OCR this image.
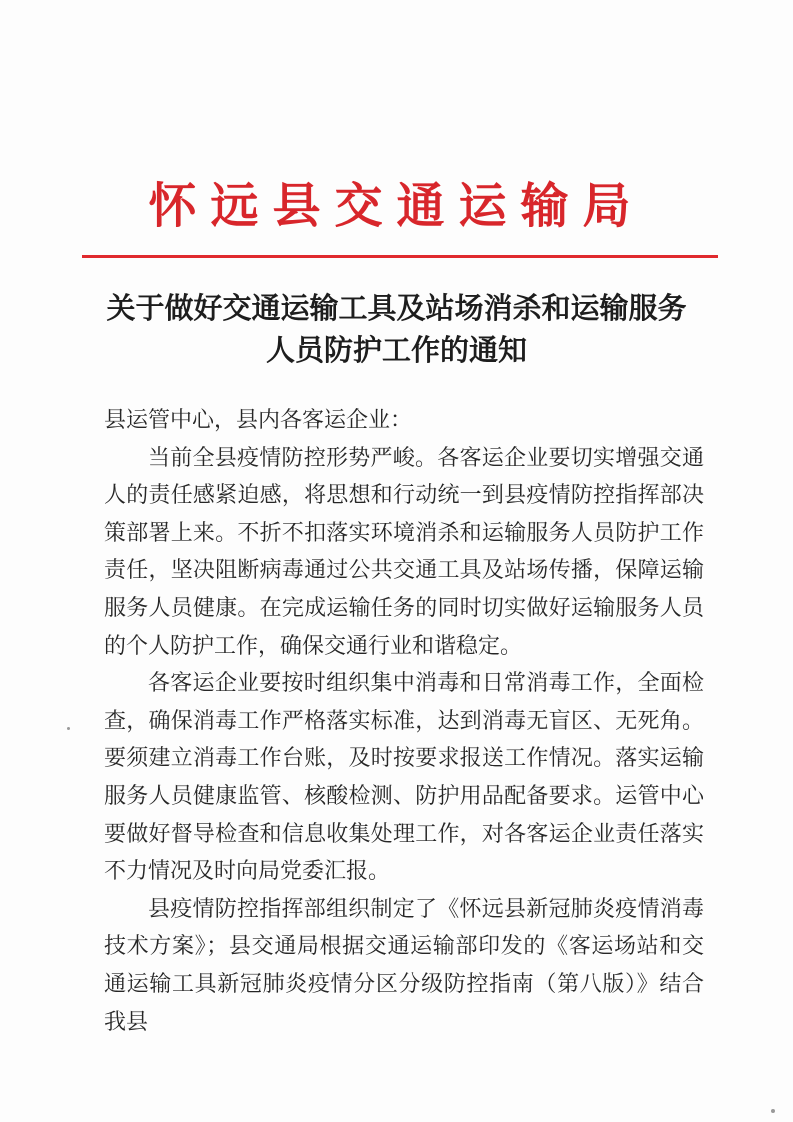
怀远县交通运输局
关于做好交通运输工具及站场消杀和运输服务
人员防护工作的通知

县运管中心，县内各客运企业：

当前全县疫情防控形势严峻。各客运企业要切实增强交通人的责任感紧迫感，将思想和行动统一到县疫情防控指挥部决策部署上来。不折不扣落实环境消杀和运输服务人员防护工作责任，坚决阻断病毒通过公共交通工具及站场传播，保障运输服务人员健康。在完成运输任务的同时切实做好运输服务人员的个人防护工作，确保交通行业和谐稳定。

各客运企业要按时组织集中消毒和日常消毒工作，全面检查，确保消毒工作严格落实标准，达到消毒无盲区、无死角。要须建立消毒工作台账，及时按要求报送工作情况。落实运输服务人员健康监管、核酸检测、防护用品配备要求。运管中心要做好督导检查和信息收集处理工作，对各客运企业责任落实不力情况及时向局党委汇报。

县疫情防控指挥部组织制定了《怀远县新冠肺炎疫情消毒技术方案》；县交通局根据交通运输部印发的《客运场站和交通运输工具新冠肺炎疫情分区分级防控指南（第八版）》结合我县
